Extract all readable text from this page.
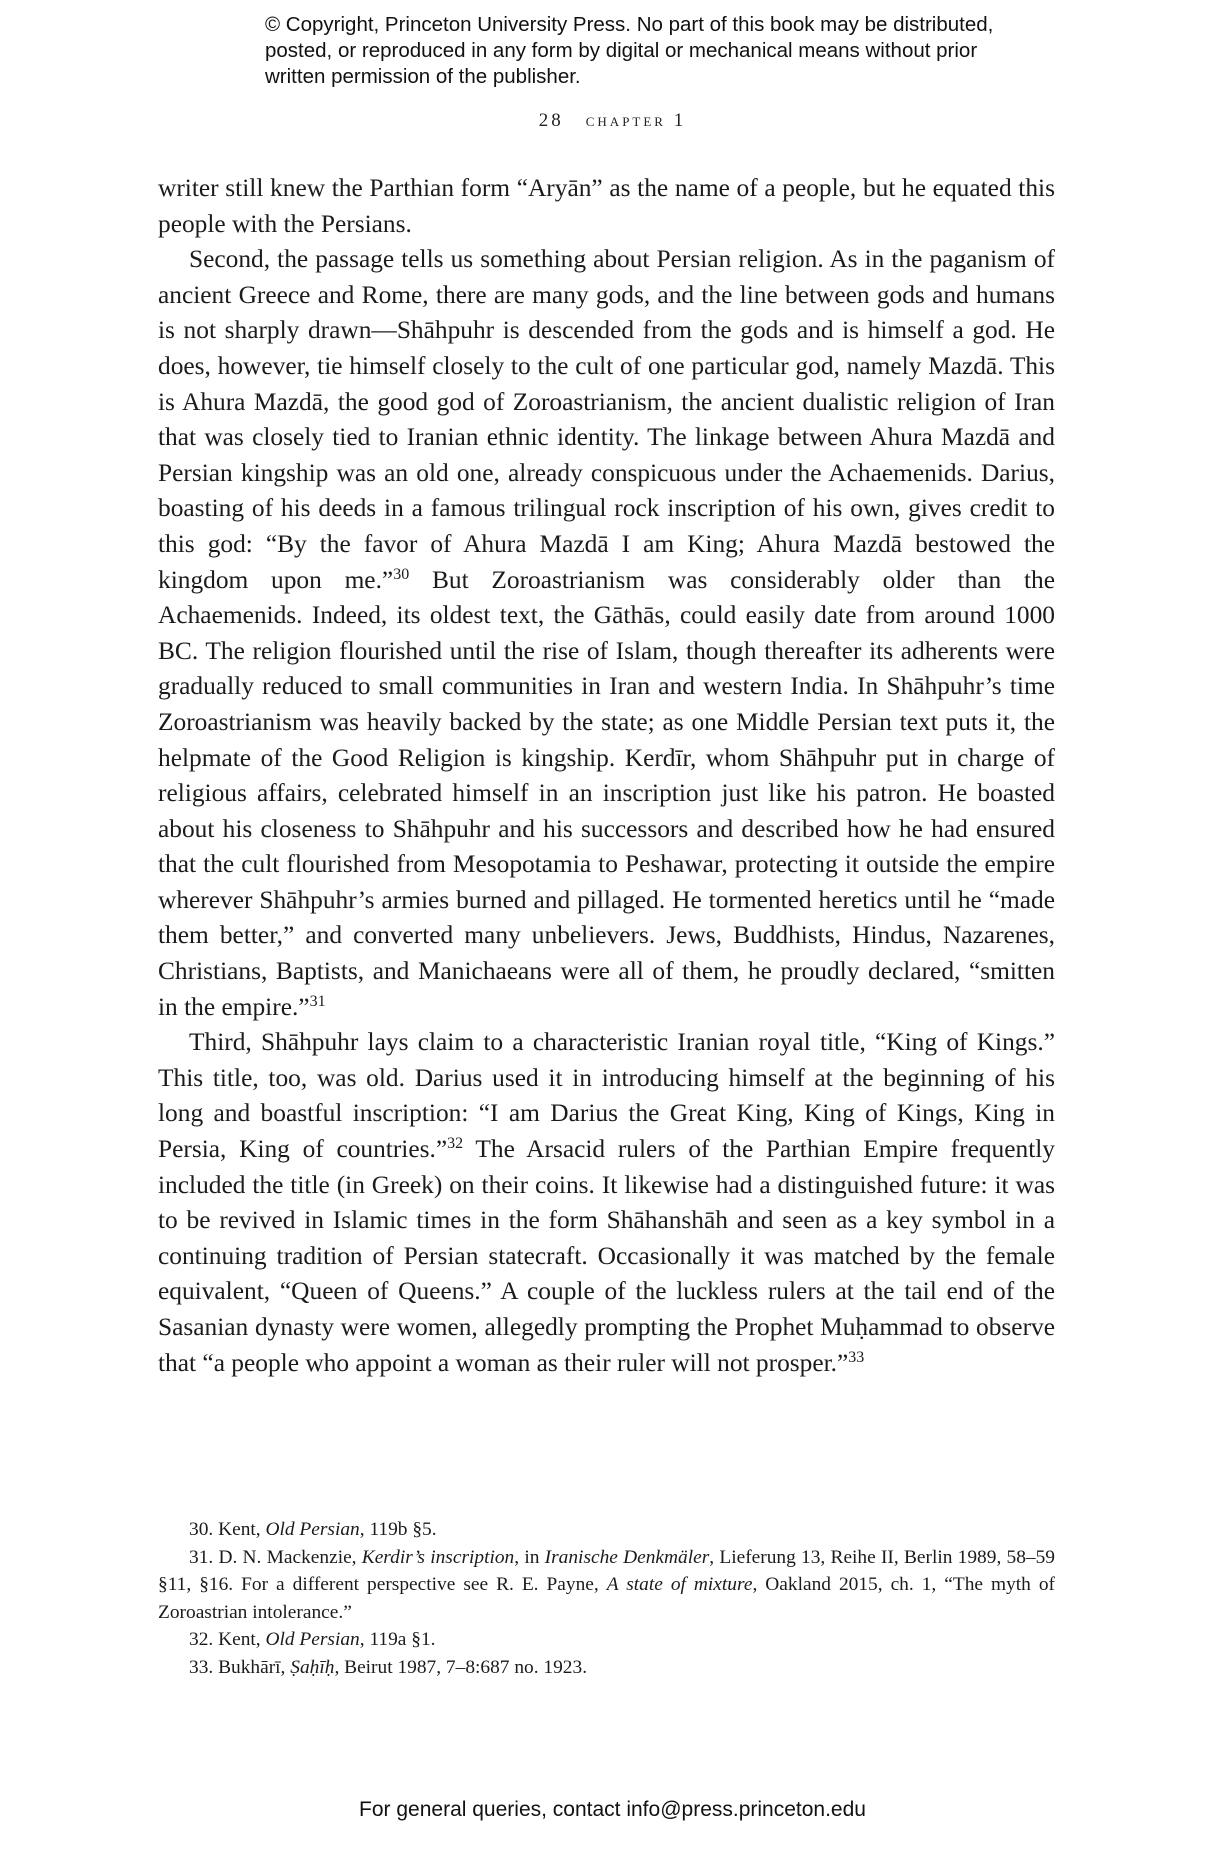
© Copyright, Princeton University Press. No part of this book may be distributed, posted, or reproduced in any form by digital or mechanical means without prior written permission of the publisher.

28 chapter 1

writer still knew the Parthian form “Aryān” as the name of a people, but he equated this people with the Persians.

Second, the passage tells us something about Persian religion. As in the paganism of ancient Greece and Rome, there are many gods, and the line between gods and humans is not sharply drawn—Shāhpuhr is descended from the gods and is himself a god. He does, however, tie himself closely to the cult of one particular god, namely Mazdā. This is Ahura Mazdā, the good god of Zoroastrianism, the ancient dualistic religion of Iran that was closely tied to Iranian ethnic identity. The linkage between Ahura Mazdā and Persian kingship was an old one, already conspicuous under the Achaemenids. Darius, boasting of his deeds in a famous trilingual rock inscription of his own, gives credit to this god: “By the favor of Ahura Mazdā I am King; Ahura Mazdā bestowed the kingdom upon me.”$^{30}$ But Zoroastrianism was considerably older than the Achaemenids. Indeed, its oldest text, the Gāthās, could easily date from around 1000 BC. The religion flourished until the rise of Islam, though thereafter its adherents were gradually reduced to small communities in Iran and western India. In Shāhpuhr’s time Zoroastrianism was heavily backed by the state; as one Middle Persian text puts it, the helpmate of the Good Religion is kingship. Kerdīr, whom Shāhpuhr put in charge of religious affairs, celebrated himself in an inscription just like his patron. He boasted about his closeness to Shāhpuhr and his successors and described how he had ensured that the cult flourished from Mesopotamia to Peshawar, protecting it outside the empire wherever Shāhpuhr’s armies burned and pillaged. He tormented heretics until he “made them better,” and converted many unbelievers. Jews, Buddhists, Hindus, Nazarenes, Christians, Baptists, and Manichaeans were all of them, he proudly declared, “smitten in the empire.”$^{31}$

Third, Shāhpuhr lays claim to a characteristic Iranian royal title, “King of Kings.” This title, too, was old. Darius used it in introducing himself at the beginning of his long and boastful inscription: “I am Darius the Great King, King of Kings, King in Persia, King of countries.”$^{32}$ The Arsacid rulers of the Parthian Empire frequently included the title (in Greek) on their coins. It likewise had a distinguished future: it was to be revived in Islamic times in the form Shāhanshāh and seen as a key symbol in a continuing tradition of Persian statecraft. Occasionally it was matched by the female equivalent, “Queen of Queens.” A couple of the luckless rulers at the tail end of the Sasanian dynasty were women, allegedly prompting the Prophet Muḥammad to observe that “a people who appoint a woman as their ruler will not prosper.”$^{33}$

30. Kent, Old Persian, 119b §5.

31. D. N. Mackenzie, Kerdir’s inscription, in Iranische Denkmäler, Lieferung 13, Reihe II, Berlin 1989, 58–59 §11, §16. For a different perspective see R. E. Payne, A state of mixture, Oakland 2015, ch. 1, “The myth of Zoroastrian intolerance.”

32. Kent, Old Persian, 119a §1.

33. Bukhārī, Ṣaḥīḥ, Beirut 1987, 7–8:687 no. 1923.

For general queries, contact info@press.princeton.edu
